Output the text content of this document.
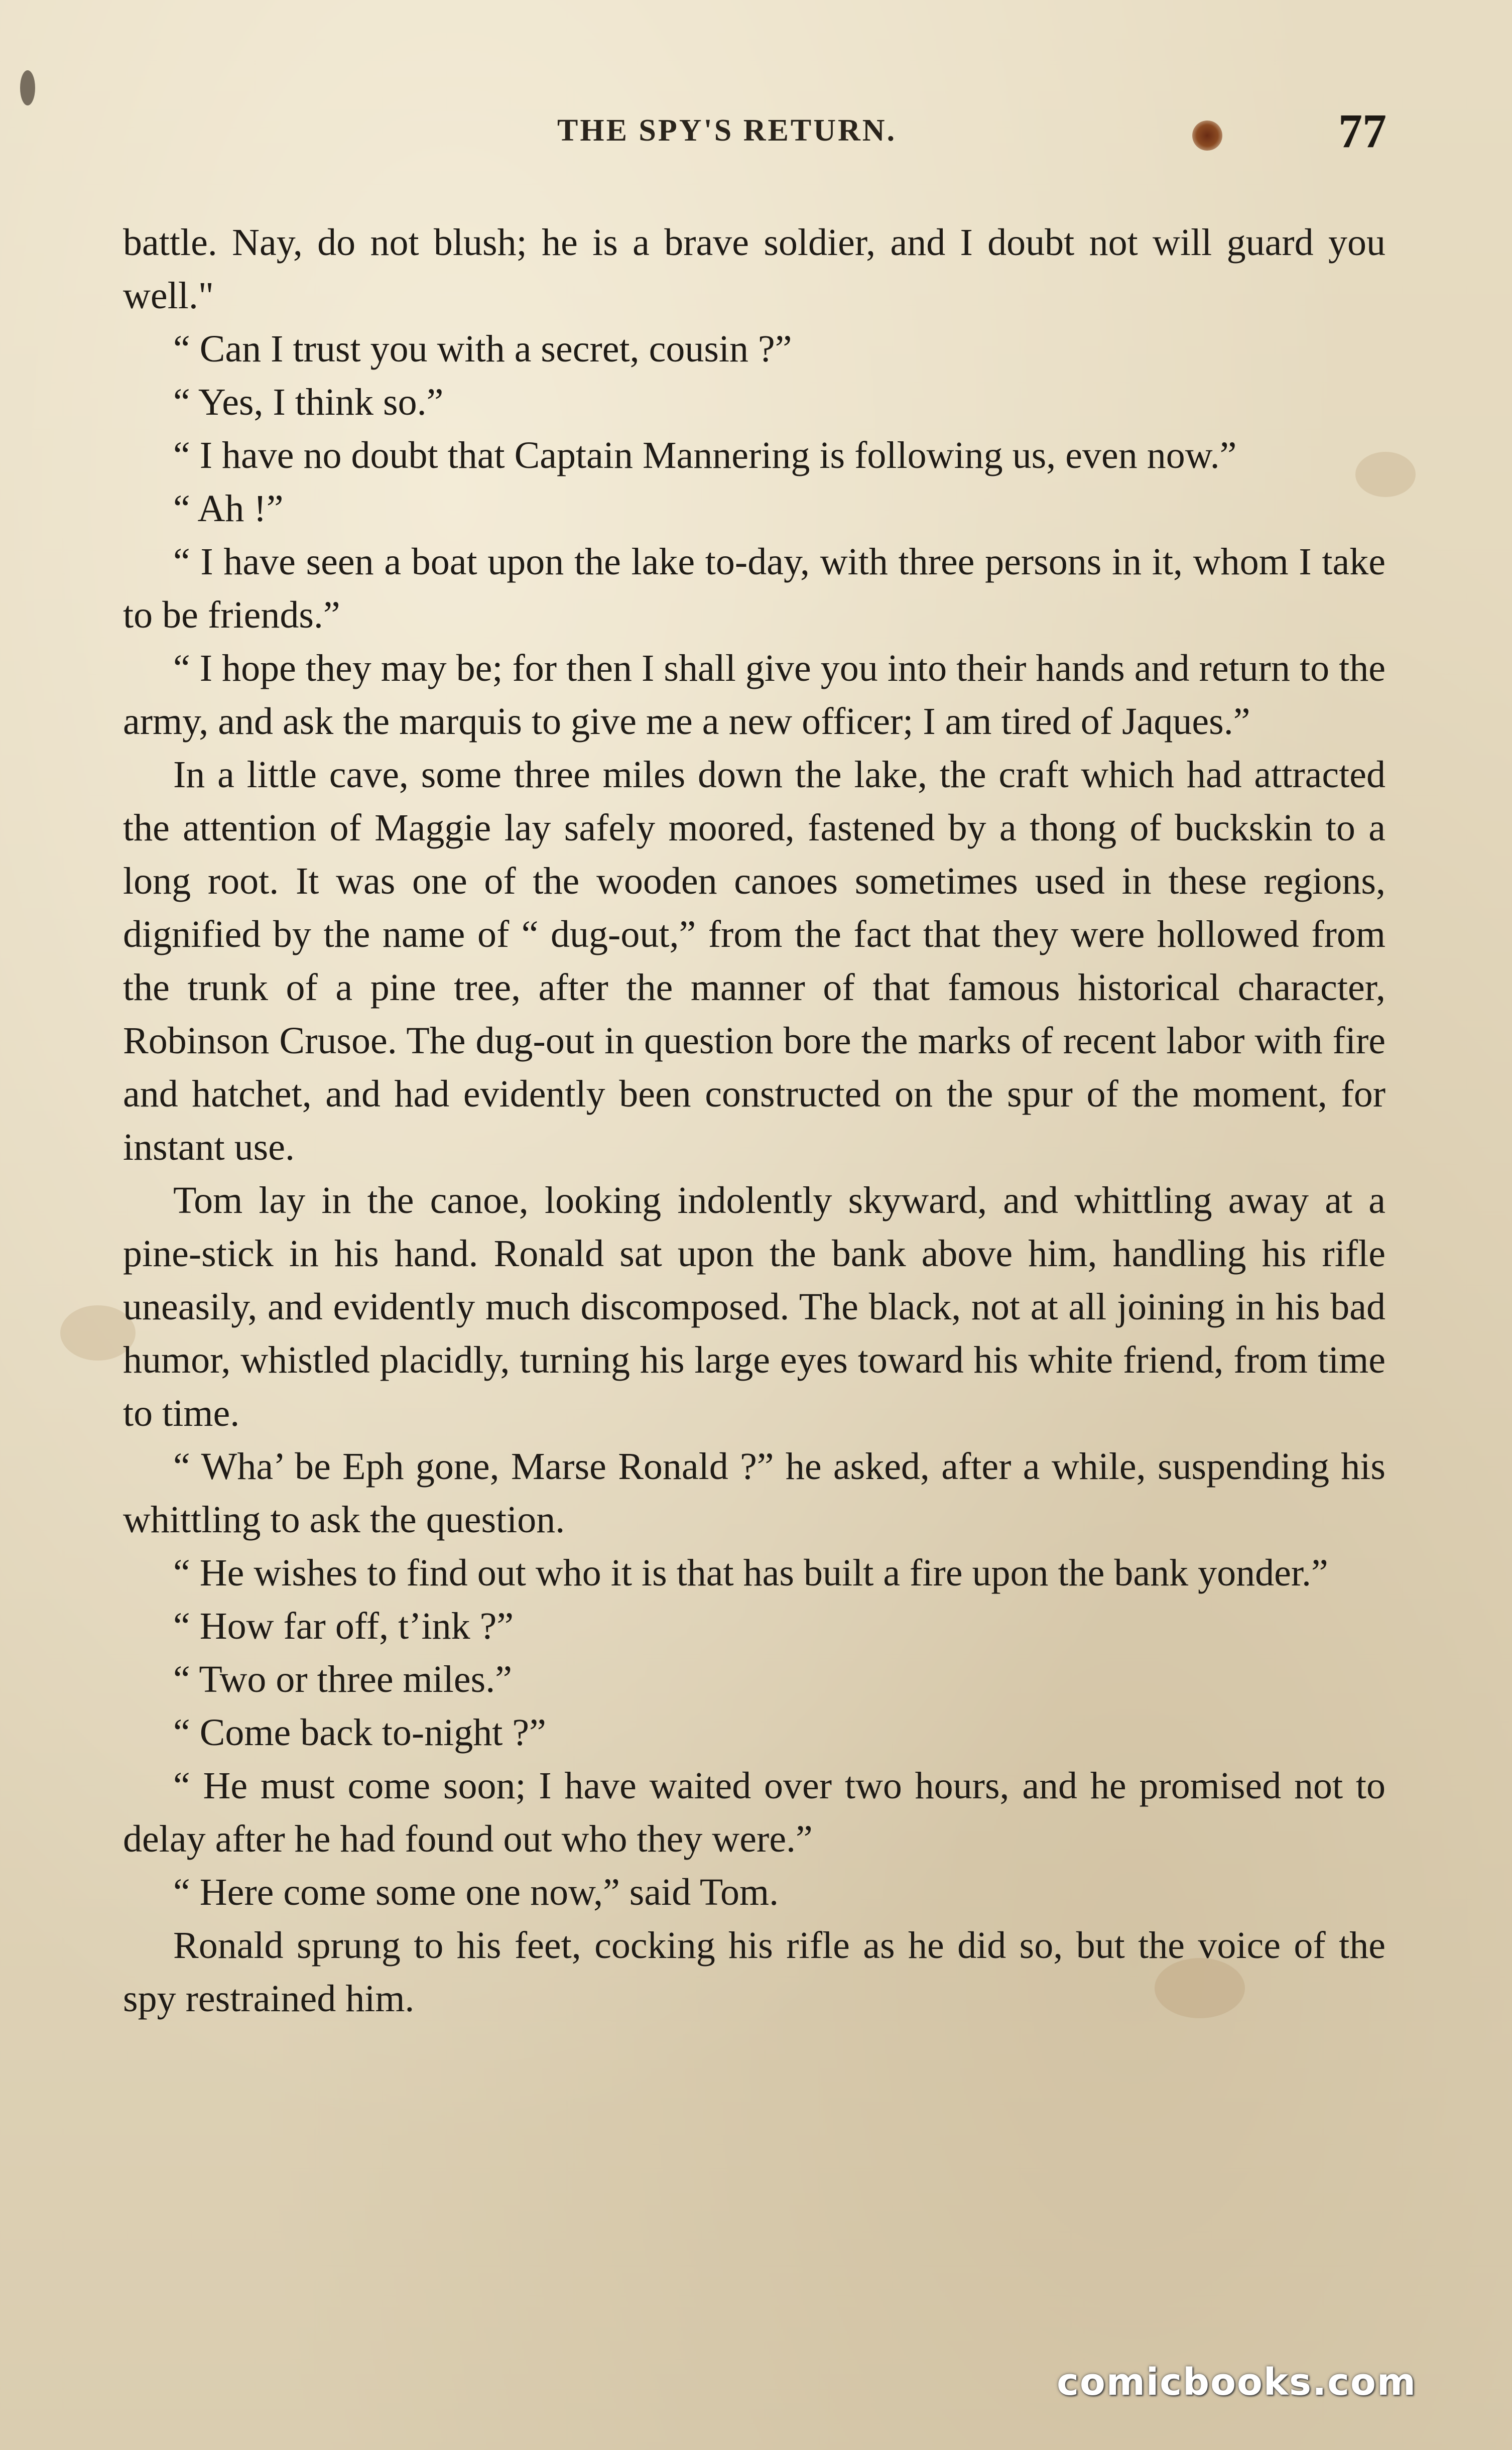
THE SPY'S RETURN.	77

battle. Nay, do not blush; he is a brave soldier, and I doubt not will guard you well."

“ Can I trust you with a secret, cousin ?”

“ Yes, I think so.”

“ I have no doubt that Captain Mannering is following us, even now.”

“ Ah !”

“ I have seen a boat upon the lake to-day, with three persons in it, whom I take to be friends.”

“ I hope they may be; for then I shall give you into their hands and return to the army, and ask the marquis to give me a new officer; I am tired of Jaques.”

In a little cave, some three miles down the lake, the craft which had attracted the attention of Maggie lay safely moored, fastened by a thong of buckskin to a long root. It was one of the wooden canoes sometimes used in these regions, dignified by the name of “ dug-out,” from the fact that they were hollowed from the trunk of a pine tree, after the manner of that famous historical character, Robinson Crusoe. The dug-out in question bore the marks of recent labor with fire and hatchet, and had evidently been constructed on the spur of the moment, for instant use.

Tom lay in the canoe, looking indolently skyward, and whittling away at a pine-stick in his hand. Ronald sat upon the bank above him, handling his rifle uneasily, and evidently much discomposed. The black, not at all joining in his bad humor, whistled placidly, turning his large eyes toward his white friend, from time to time.

“ Wha’ be Eph gone, Marse Ronald ?” he asked, after a while, suspending his whittling to ask the question.

“ He wishes to find out who it is that has built a fire upon the bank yonder.”

“ How far off, t’ink ?”

“ Two or three miles.”

“ Come back to-night ?”

“ He must come soon; I have waited over two hours, and he promised not to delay after he had found out who they were.”

“ Here come some one now,” said Tom.

Ronald sprung to his feet, cocking his rifle as he did so, but the voice of the spy restrained him.

comicbooks.com
